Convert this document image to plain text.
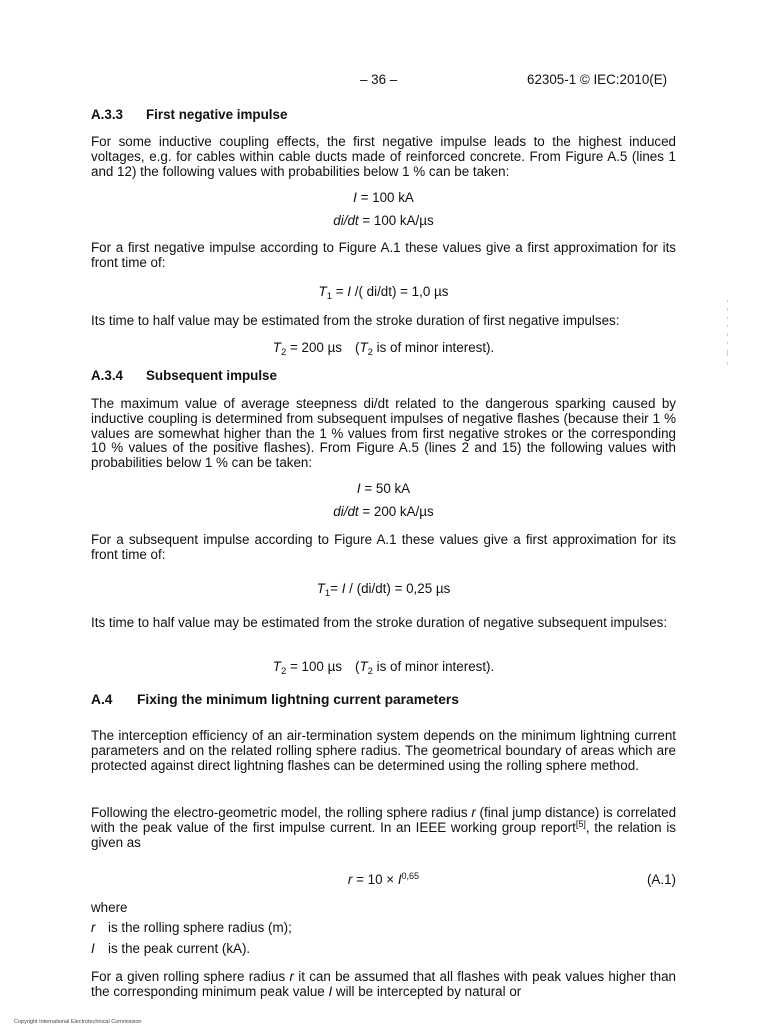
– 36 –	62305-1 © IEC:2010(E)
A.3.3 First negative impulse
For some inductive coupling effects, the first negative impulse leads to the highest induced voltages, e.g. for cables within cable ducts made of reinforced concrete. From Figure A.5 (lines 1 and 12) the following values with probabilities below 1 % can be taken:
I = 100 kA
di/dt = 100 kA/µs
For a first negative impulse according to Figure A.1 these values give a first approximation for its front time of:
$T_1 = I$ /( di/dt) = 1,0 µs
Its time to half value may be estimated from the stroke duration of first negative impulses:
$T_2 = 200$ µs ($T_2$ is of minor interest).
A.3.4 Subsequent impulse
The maximum value of average steepness di/dt related to the dangerous sparking caused by inductive coupling is determined from subsequent impulses of negative flashes (because their 1 % values are somewhat higher than the 1 % values from first negative strokes or the corresponding 10 % values of the positive flashes). From Figure A.5 (lines 2 and 15) the following values with probabilities below 1 % can be taken:
I = 50 kA
di/dt = 200 kA/µs
For a subsequent impulse according to Figure A.1 these values give a first approximation for its front time of:
$T_1= I / (di/dt) = 0,25$ µs
Its time to half value may be estimated from the stroke duration of negative subsequent impulses:
$T_2 = 100$ µs ($T_2$ is of minor interest).
A.4 Fixing the minimum lightning current parameters
The interception efficiency of an air-termination system depends on the minimum lightning current parameters and on the related rolling sphere radius. The geometrical boundary of areas which are protected against direct lightning flashes can be determined using the rolling sphere method.
Following the electro-geometric model, the rolling sphere radius r (final jump distance) is correlated with the peak value of the first impulse current. In an IEEE working group report[5], the relation is given as
r = 10 × I$^{0,65}$	(A.1)
where
r is the rolling sphere radius (m);
I is the peak current (kA).
For a given rolling sphere radius r it can be assumed that all flashes with peak values higher than the corresponding minimum peak value I will be intercepted by natural or
Copyright International Electrotechnical Commission
